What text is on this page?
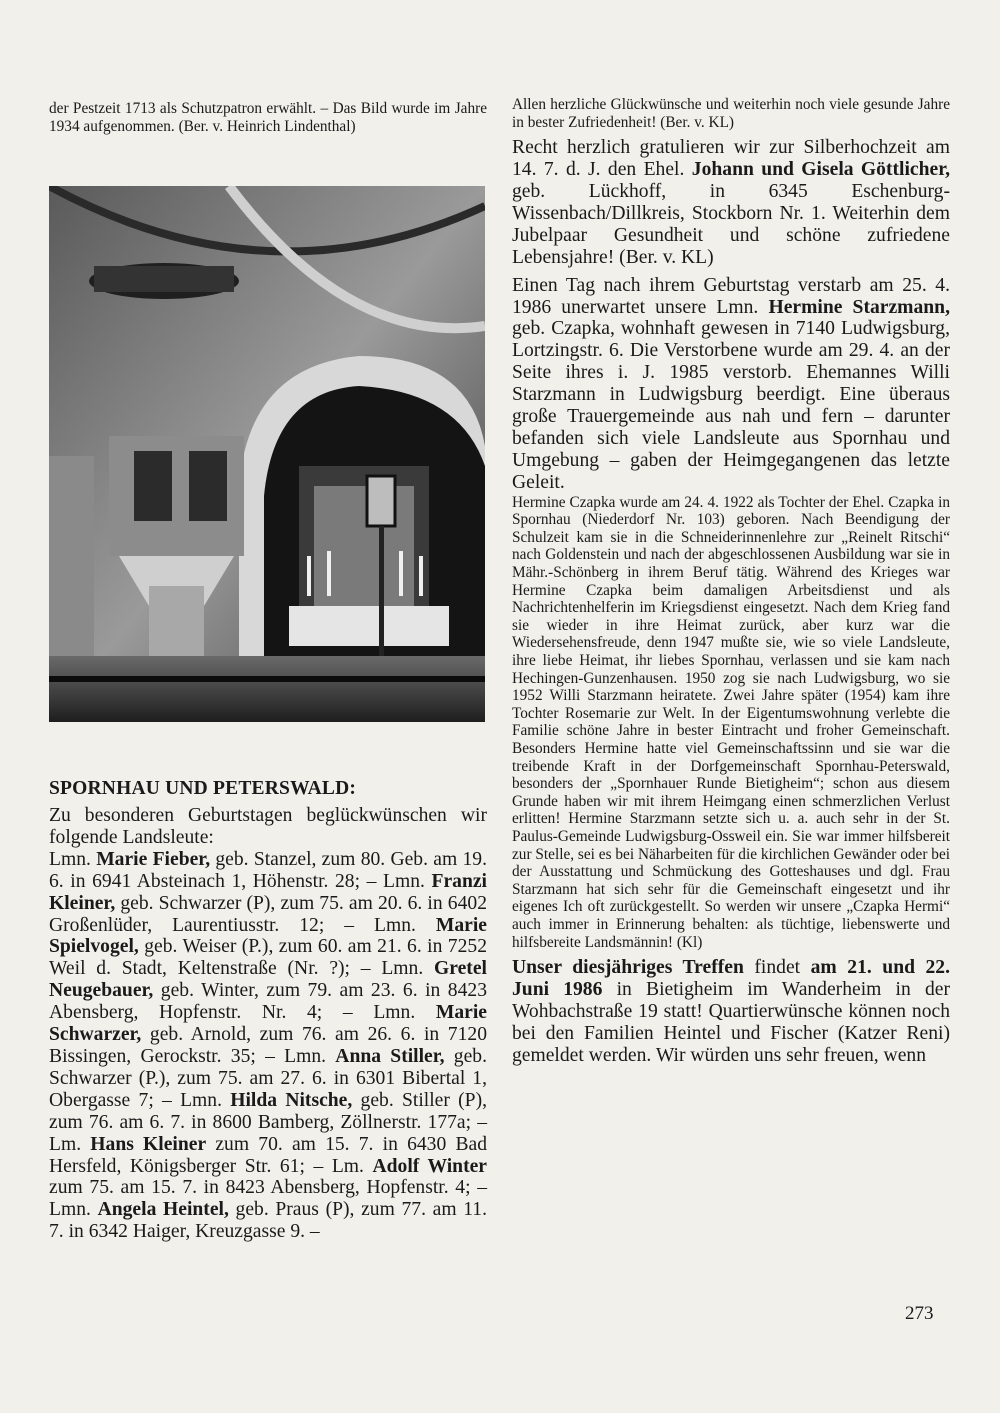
der Pestzeit 1713 als Schutzpatron erwählt. – Das Bild wurde im Jahre 1934 aufgenommen. (Ber. v. Heinrich Lindenthal)

SPORNHAU UND PETERSWALD:

Zu besonderen Geburtstagen beglückwünschen wir folgende Landsleute:

Lmn. Marie Fieber, geb. Stanzel, zum 80. Geb. am 19. 6. in 6941 Absteinach 1, Höhenstr. 28; – Lmn. Franzi Kleiner, geb. Schwarzer (P), zum 75. am 20. 6. in 6402 Großenlüder, Laurentiusstr. 12; – Lmn. Marie Spielvogel, geb. Weiser (P.), zum 60. am 21. 6. in 7252 Weil d. Stadt, Keltenstraße (Nr. ?); – Lmn. Gretel Neugebauer, geb. Winter, zum 79. am 23. 6. in 8423 Abensberg, Hopfenstr. Nr. 4; – Lmn. Marie Schwarzer, geb. Arnold, zum 76. am 26. 6. in 7120 Bissingen, Gerockstr. 35; – Lmn. Anna Stiller, geb. Schwarzer (P.), zum 75. am 27. 6. in 6301 Bibertal 1, Obergasse 7; – Lmn. Hilda Nitsche, geb. Stiller (P), zum 76. am 6. 7. in 8600 Bamberg, Zöllnerstr. 177a; – Lm. Hans Kleiner zum 70. am 15. 7. in 6430 Bad Hersfeld, Königsberger Str. 61; – Lm. Adolf Winter zum 75. am 15. 7. in 8423 Abensberg, Hopfenstr. 4; – Lmn. Angela Heintel, geb. Praus (P), zum 77. am 11. 7. in 6342 Haiger, Kreuzgasse 9. –

Allen herzliche Glückwünsche und weiterhin noch viele gesunde Jahre in bester Zufriedenheit! (Ber. v. KL)

Recht herzlich gratulieren wir zur Silberhochzeit am 14. 7. d. J. den Ehel. Johann und Gisela Göttlicher, geb. Lückhoff, in 6345 Eschenburg-Wissenbach/Dillkreis, Stockborn Nr. 1. Weiterhin dem Jubelpaar Gesundheit und schöne zufriedene Lebensjahre! (Ber. v. KL)

Einen Tag nach ihrem Geburtstag verstarb am 25. 4. 1986 unerwartet unsere Lmn. Hermine Starzmann, geb. Czapka, wohnhaft gewesen in 7140 Ludwigsburg, Lortzingstr. 6. Die Verstorbene wurde am 29. 4. an der Seite ihres i. J. 1985 verstorb. Ehemannes Willi Starzmann in Ludwigsburg beerdigt. Eine überaus große Trauergemeinde aus nah und fern – darunter befanden sich viele Landsleute aus Spornhau und Umgebung – gaben der Heimgegangenen das letzte Geleit.

Hermine Czapka wurde am 24. 4. 1922 als Tochter der Ehel. Czapka in Spornhau (Niederdorf Nr. 103) geboren. Nach Beendigung der Schulzeit kam sie in die Schneiderinnenlehre zur „Reinelt Ritschi“ nach Goldenstein und nach der abgeschlossenen Ausbildung war sie in Mähr.-Schönberg in ihrem Beruf tätig. Während des Krieges war Hermine Czapka beim damaligen Arbeitsdienst und als Nachrichtenhelferin im Kriegsdienst eingesetzt. Nach dem Krieg fand sie wieder in ihre Heimat zurück, aber kurz war die Wiedersehensfreude, denn 1947 mußte sie, wie so viele Landsleute, ihre liebe Heimat, ihr liebes Spornhau, verlassen und sie kam nach Hechingen-Gunzenhausen. 1950 zog sie nach Ludwigsburg, wo sie 1952 Willi Starzmann heiratete. Zwei Jahre später (1954) kam ihre Tochter Rosemarie zur Welt. In der Eigentumswohnung verlebte die Familie schöne Jahre in bester Eintracht und froher Gemeinschaft. Besonders Hermine hatte viel Gemeinschaftssinn und sie war die treibende Kraft in der Dorfgemeinschaft Spornhau-Peterswald, besonders der „Spornhauer Runde Bietigheim“; schon aus diesem Grunde haben wir mit ihrem Heimgang einen schmerzlichen Verlust erlitten! Hermine Starzmann setzte sich u. a. auch sehr in der St. Paulus-Gemeinde Ludwigsburg-Ossweil ein. Sie war immer hilfsbereit zur Stelle, sei es bei Näharbeiten für die kirchlichen Gewänder oder bei der Ausstattung und Schmückung des Gotteshauses und dgl. Frau Starzmann hat sich sehr für die Gemeinschaft eingesetzt und ihr eigenes Ich oft zurückgestellt. So werden wir unsere „Czapka Hermi“ auch immer in Erinnerung behalten: als tüchtige, liebenswerte und hilfsbereite Landsmännin! (Kl)

Unser diesjähriges Treffen findet am 21. und 22. Juni 1986 in Bietigheim im Wanderheim in der Wohbachstraße 19 statt! Quartierwünsche können noch bei den Familien Heintel und Fischer (Katzer Reni) gemeldet werden. Wir würden uns sehr freuen, wenn

273
